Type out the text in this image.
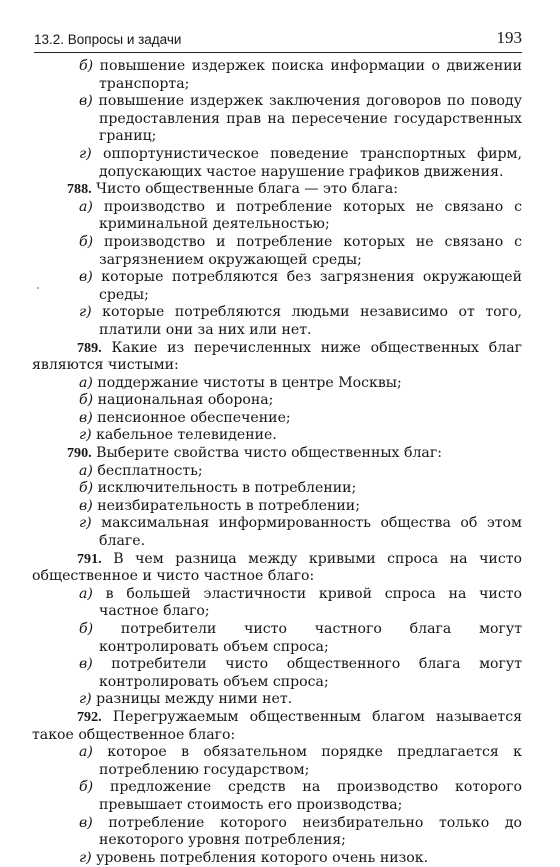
13.2. Вопросы и задачи	193

б) повышение издержек поиска информации о движении транспорта;

в) повышение издержек заключения договоров по поводу предоставления прав на пересечение государственных границ;

г) оппортунистическое поведение транспортных фирм, допускающих частое нарушение графиков движения.

788. Чисто общественные блага — это блага:

а) производство и потребление которых не связано с криминальной деятельностью;

б) производство и потребление которых не связано с загрязнением окружающей среды;

в) которые потребляются без загрязнения окружающей среды;

г) которые потребляются людьми независимо от того, платили они за них или нет.

789. Какие из перечисленных ниже общественных благ являются чистыми:

а) поддержание чистоты в центре Москвы;

б) национальная оборона;

в) пенсионное обеспечение;

г) кабельное телевидение.

790. Выберите свойства чисто общественных благ:

а) бесплатность;

б) исключительность в потреблении;

в) неизбирательность в потреблении;

г) максимальная информированность общества об этом благе.

791. В чем разница между кривыми спроса на чисто общественное и чисто частное благо:

а) в большей эластичности кривой спроса на чисто частное благо;

б) потребители чисто частного блага могут контролировать объем спроса;

в) потребители чисто общественного блага могут контролировать объем спроса;

г) разницы между ними нет.

792. Перегружаемым общественным благом называется такое общественное благо:

а) которое в обязательном порядке предлагается к потреблению государством;

б) предложение средств на производство которого превышает стоимость его производства;

в) потребление которого неизбирательно только до некоторого уровня потребления;

г) уровень потребления которого очень низок.
